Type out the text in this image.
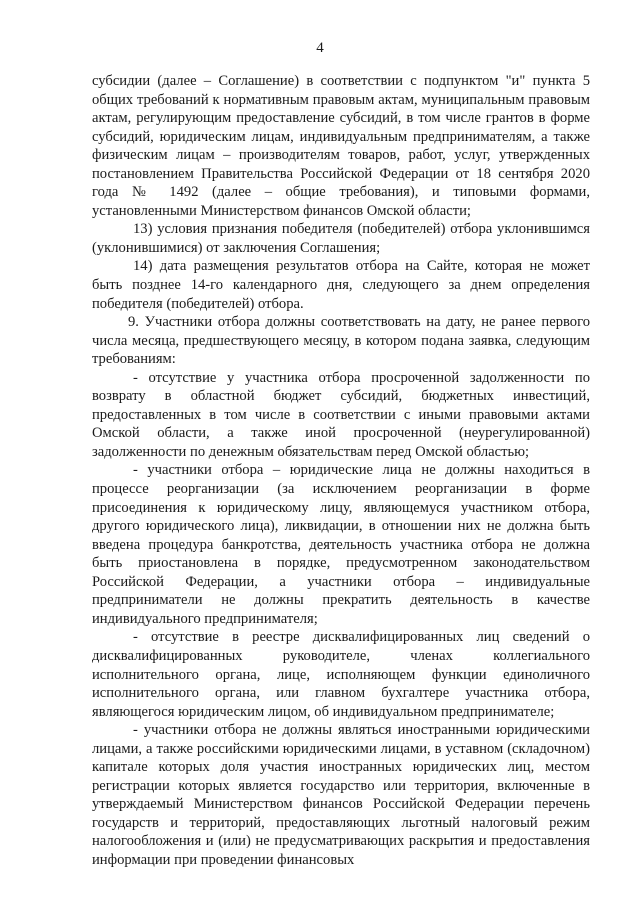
4

субсидии (далее – Соглашение) в соответствии с подпунктом "и" пункта 5 общих требований к нормативным правовым актам, муниципальным правовым актам, регулирующим предоставление субсидий, в том числе грантов в форме субсидий, юридическим лицам, индивидуальным предпринимателям, а также физическим лицам – производителям товаров, работ, услуг, утвержденных постановлением Правительства Российской Федерации от 18 сентября 2020 года № 1492 (далее – общие требования), и типовыми формами, установленными Министерством финансов Омской области;

13) условия признания победителя (победителей) отбора уклонившимся (уклонившимися) от заключения Соглашения;

14) дата размещения результатов отбора на Сайте, которая не может быть позднее 14-го календарного дня, следующего за днем определения победителя (победителей) отбора.

9. Участники отбора должны соответствовать на дату, не ранее первого числа месяца, предшествующего месяцу, в котором подана заявка, следующим требованиям:

- отсутствие у участника отбора просроченной задолженности по возврату в областной бюджет субсидий, бюджетных инвестиций, предоставленных в том числе в соответствии с иными правовыми актами Омской области, а также иной просроченной (неурегулированной) задолженности по денежным обязательствам перед Омской областью;

- участники отбора – юридические лица не должны находиться в процессе реорганизации (за исключением реорганизации в форме присоединения к юридическому лицу, являющемуся участником отбора, другого юридического лица), ликвидации, в отношении них не должна быть введена процедура банкротства, деятельность участника отбора не должна быть приостановлена в порядке, предусмотренном законодательством Российской Федерации, а участники отбора – индивидуальные предприниматели не должны прекратить деятельность в качестве индивидуального предпринимателя;

- отсутствие в реестре дисквалифицированных лиц сведений о дисквалифицированных руководителе, членах коллегиального исполнительного органа, лице, исполняющем функции единоличного исполнительного органа, или главном бухгалтере участника отбора, являющегося юридическим лицом, об индивидуальном предпринимателе;

- участники отбора не должны являться иностранными юридическими лицами, а также российскими юридическими лицами, в уставном (складочном) капитале которых доля участия иностранных юридических лиц, местом регистрации которых является государство или территория, включенные в утверждаемый Министерством финансов Российской Федерации перечень государств и территорий, предоставляющих льготный налоговый режим налогообложения и (или) не предусматривающих раскрытия и предоставления информации при проведении финансовых
